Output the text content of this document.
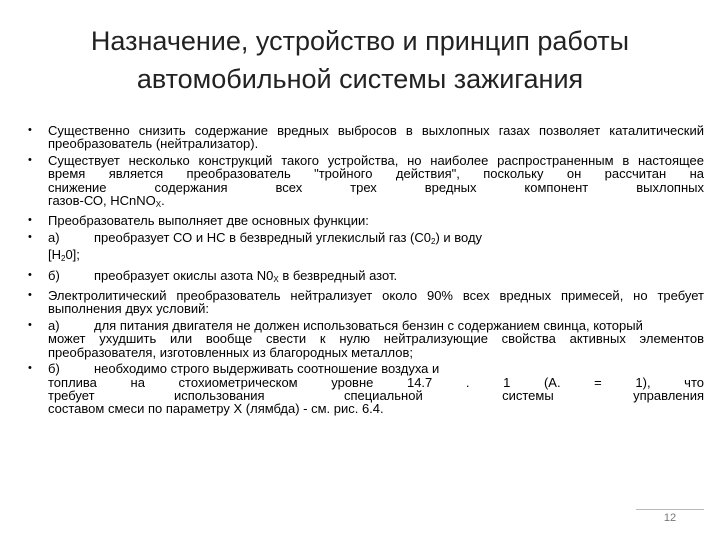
Назначение, устройство и принцип работы
автомобильной системы зажигания
• Существенно снизить содержание вредных выбросов в выхлопных газах позволяет каталитический
преобразователь (нейтрализатор).
• Существует несколько конструкций такого устройства, но наиболее распространенным в настоящее
время является преобразователь "тройного действия", поскольку он рассчитан на
снижение содержания всех трех вредных компонент выхлопных
газов-СО, НCnNO$_X$.
• Преобразователь выполняет две основных функции:
• а)	преобразует СО и НС в безвредный углекислый газ $(С0_2)$ и воду
$[Н_20]$;
• б)	преобразует окислы азота $N0_X$ в безвредный азот.
• Электролитический преобразователь нейтрализует около 90% всех вредных примесей, но требует
выполнения двух условий:
• а)	для питания двигателя не должен использоваться бензин с содержанием свинца, который
может ухудшить или вообще свести к нулю нейтрализующие свойства активных элементов
преобразователя, изготовленных из благородных металлов;
• б)	необходимо строго выдерживать соотношение воздуха и
топлива на стохиометрическом уровне 14.7 . 1 (А. = 1), что
требует использования специальной системы управления
составом смеси по параметру Х (лямбда) - см. рис. 6.4.
12
